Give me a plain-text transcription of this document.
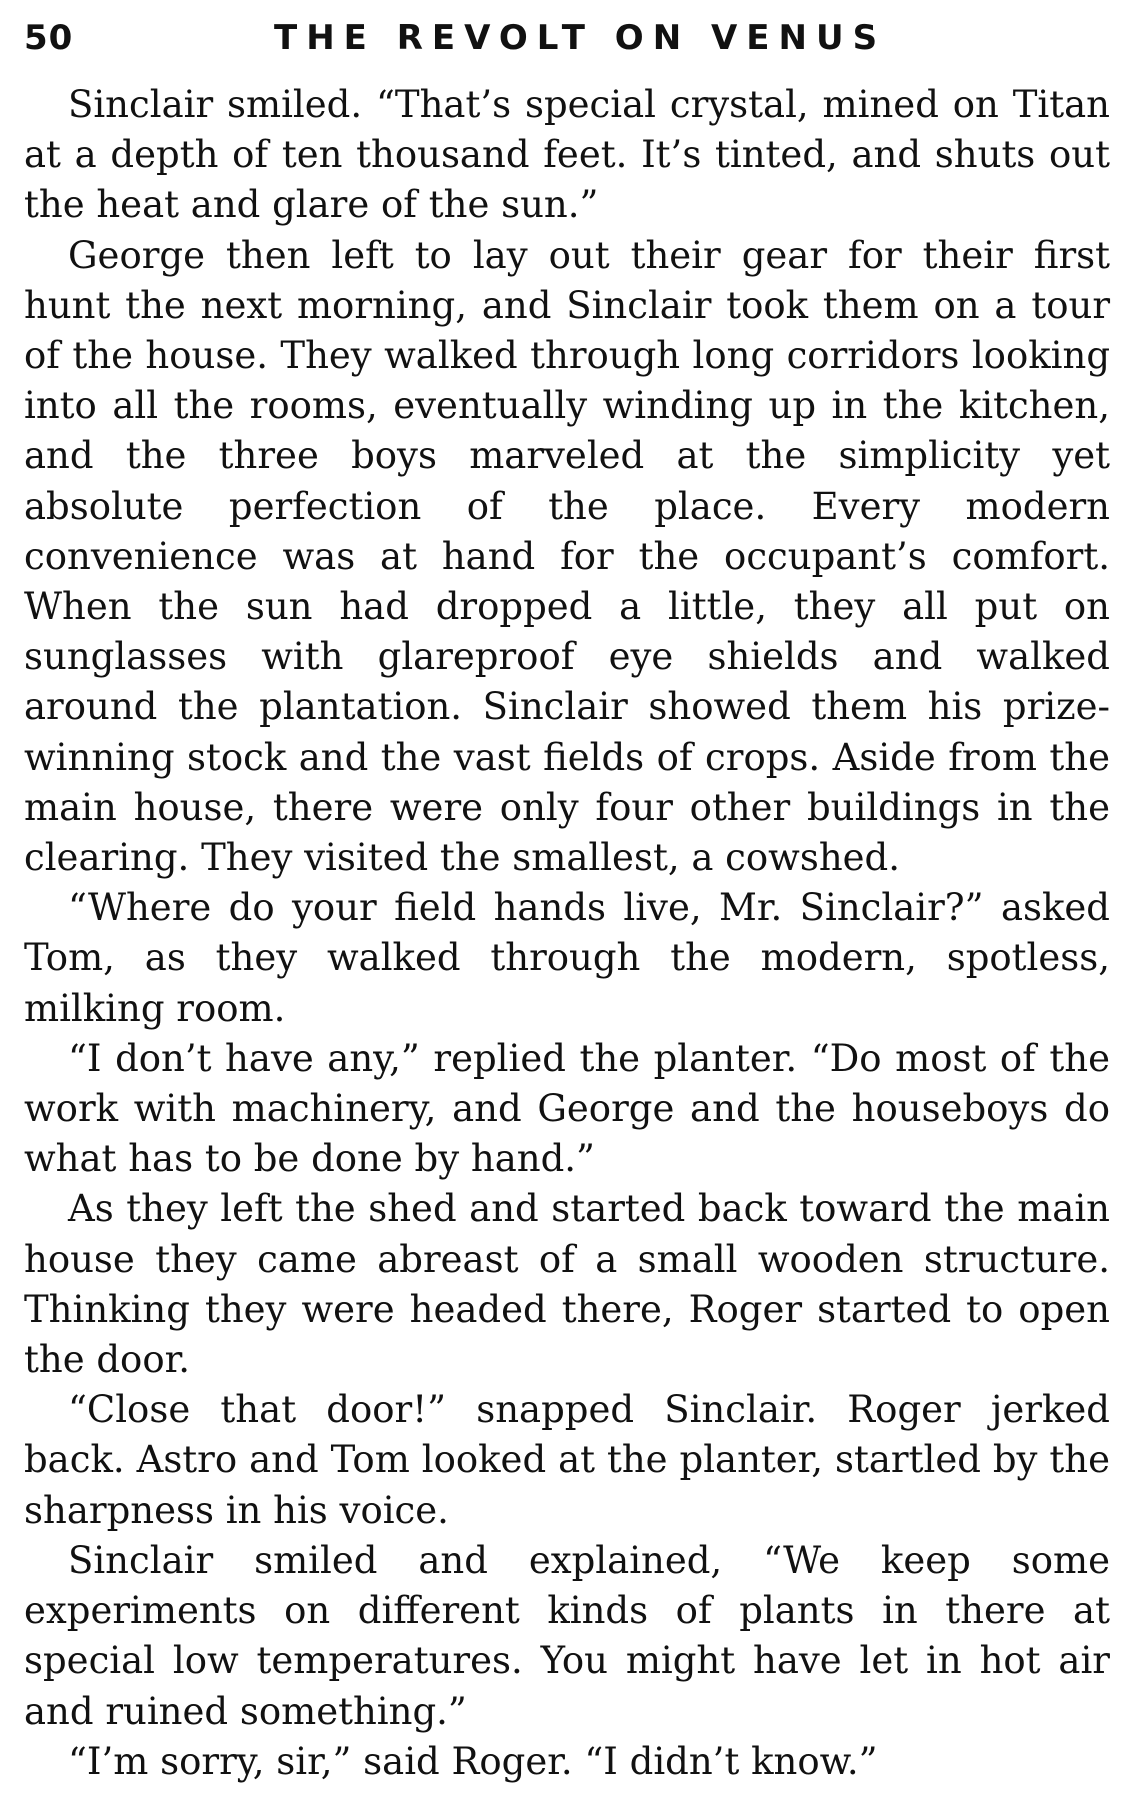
50	THE REVOLT ON VENUS

Sinclair smiled. “That’s special crystal, mined on Titan at a depth of ten thousand feet. It’s tinted, and shuts out the heat and glare of the sun.”

George then left to lay out their gear for their first hunt the next morning, and Sinclair took them on a tour of the house. They walked through long corridors looking into all the rooms, eventually winding up in the kitchen, and the three boys marveled at the simplicity yet absolute perfection of the place. Every modern convenience was at hand for the occupant’s comfort. When the sun had dropped a little, they all put on sunglasses with glareproof eye shields and walked around the plantation. Sinclair showed them his prize-winning stock and the vast fields of crops. Aside from the main house, there were only four other buildings in the clearing. They visited the smallest, a cowshed.

“Where do your field hands live, Mr. Sinclair?” asked Tom, as they walked through the modern, spotless, milking room.

“I don’t have any,” replied the planter. “Do most of the work with machinery, and George and the houseboys do what has to be done by hand.”

As they left the shed and started back toward the main house they came abreast of a small wooden structure. Thinking they were headed there, Roger started to open the door.

“Close that door!” snapped Sinclair. Roger jerked back. Astro and Tom looked at the planter, startled by the sharpness in his voice.

Sinclair smiled and explained, “We keep some experiments on different kinds of plants in there at special low temperatures. You might have let in hot air and ruined something.”

“I’m sorry, sir,” said Roger. “I didn’t know.”
